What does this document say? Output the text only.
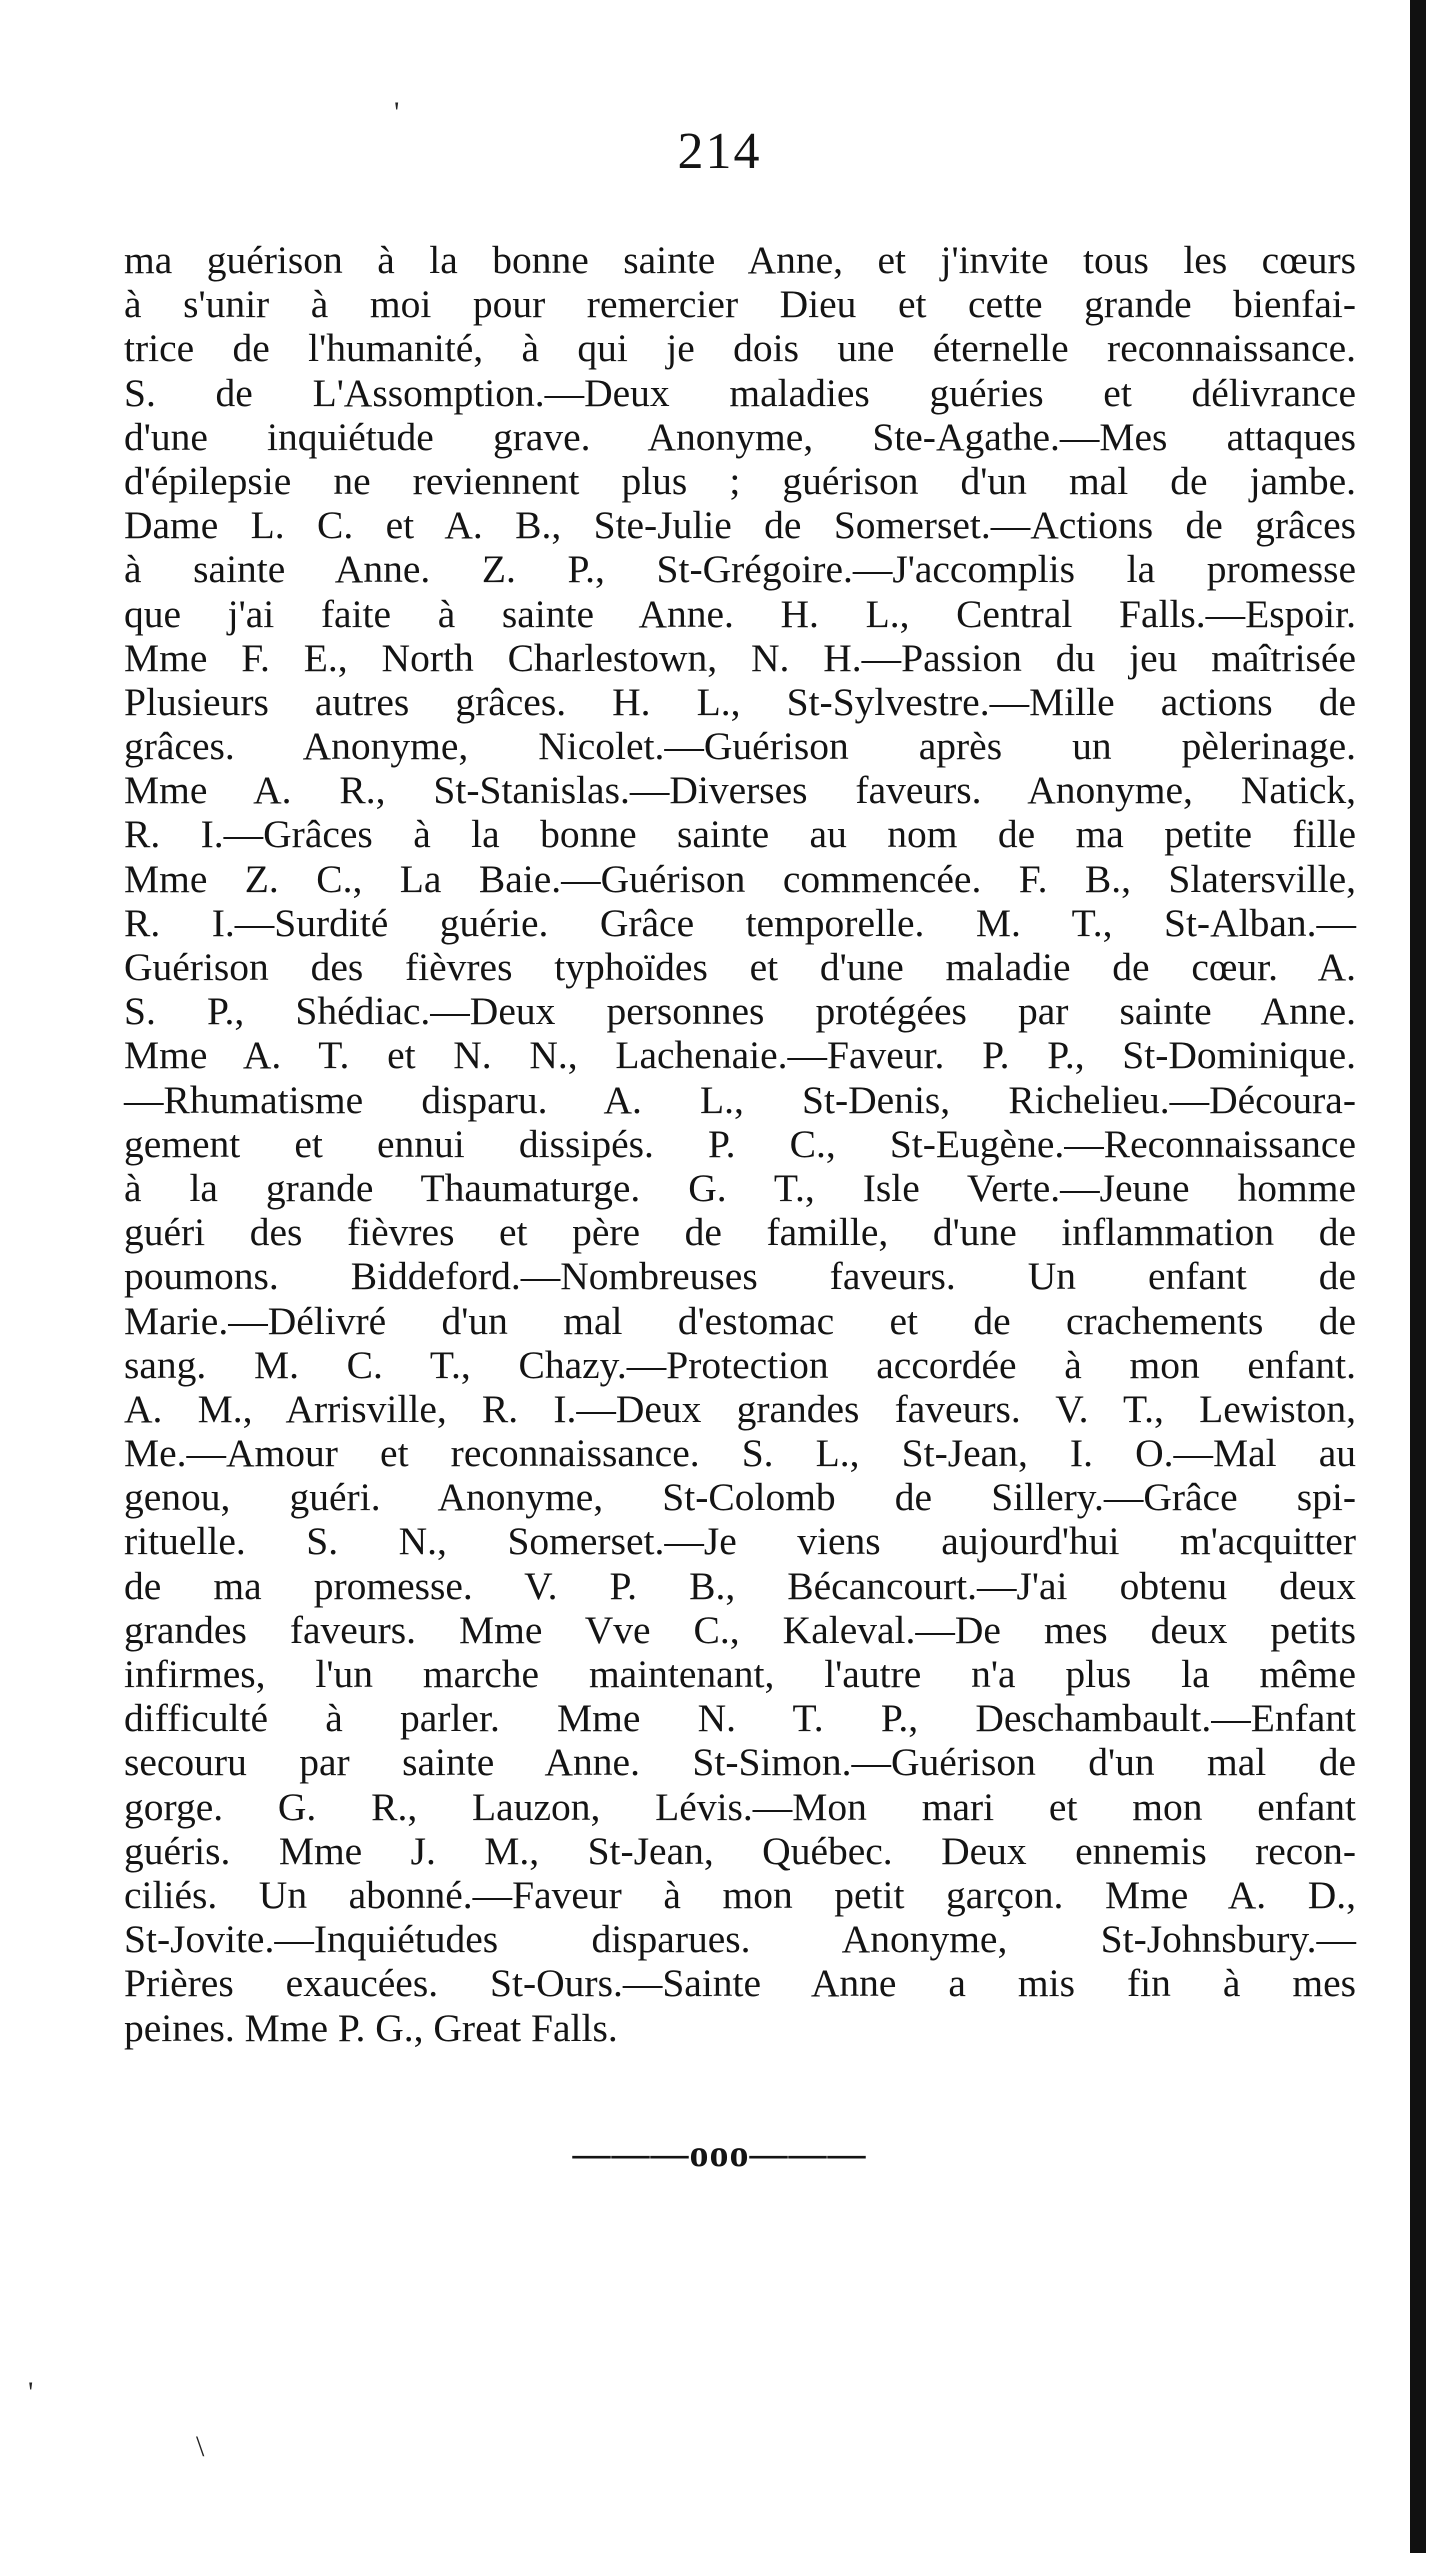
214
ma guérison à la bonne sainte Anne, et j'invite tous les cœurs
à s'unir à moi pour remercier Dieu et cette grande bienfai-
trice de l'humanité, à qui je dois une éternelle reconnaissance.
S. de L'Assomption.—Deux maladies guéries et délivrance
d'une inquiétude grave. Anonyme, Ste-Agathe.—Mes attaques
d'épilepsie ne reviennent plus ; guérison d'un mal de jambe.
Dame L. C. et A. B., Ste-Julie de Somerset.—Actions de grâces
à sainte Anne. Z. P., St-Grégoire.—J'accomplis la promesse
que j'ai faite à sainte Anne. H. L., Central Falls.—Espoir.
Mme F. E., North Charlestown, N. H.—Passion du jeu maîtrisée
Plusieurs autres grâces. H. L., St-Sylvestre.—Mille actions de
grâces. Anonyme, Nicolet.—Guérison après un pèlerinage.
Mme A. R., St-Stanislas.—Diverses faveurs. Anonyme, Natick,
R. I.—Grâces à la bonne sainte au nom de ma petite fille
Mme Z. C., La Baie.—Guérison commencée. F. B., Slatersville,
R. I.—Surdité guérie. Grâce temporelle. M. T., St-Alban.—
Guérison des fièvres typhoïdes et d'une maladie de cœur. A.
S. P., Shédiac.—Deux personnes protégées par sainte Anne.
Mme A. T. et N. N., Lachenaie.—Faveur. P. P., St-Dominique.
—Rhumatisme disparu. A. L., St-Denis, Richelieu.—Découra-
gement et ennui dissipés. P. C., St-Eugène.—Reconnaissance
à la grande Thaumaturge. G. T., Isle Verte.—Jeune homme
guéri des fièvres et père de famille, d'une inflammation de
poumons. Biddeford.—Nombreuses faveurs. Un enfant de
Marie.—Délivré d'un mal d'estomac et de crachements de
sang. M. C. T., Chazy.—Protection accordée à mon enfant.
A. M., Arrisville, R. I.—Deux grandes faveurs. V. T., Lewiston,
Me.—Amour et reconnaissance. S. L., St-Jean, I. O.—Mal au
genou, guéri. Anonyme, St-Colomb de Sillery.—Grâce spi-
rituelle. S. N., Somerset.—Je viens aujourd'hui m'acquitter
de ma promesse. V. P. B., Bécancourt.—J'ai obtenu deux
grandes faveurs. Mme Vve C., Kaleval.—De mes deux petits
infirmes, l'un marche maintenant, l'autre n'a plus la même
difficulté à parler. Mme N. T. P., Deschambault.—Enfant
secouru par sainte Anne. St-Simon.—Guérison d'un mal de
gorge. G. R., Lauzon, Lévis.—Mon mari et mon enfant
guéris. Mme J. M., St-Jean, Québec. Deux ennemis recon-
ciliés. Un abonné.—Faveur à mon petit garçon. Mme A. D.,
St-Jovite.—Inquiétudes disparues. Anonyme, St-Johnsbury.—
Prières exaucées. St-Ours.—Sainte Anne a mis fin à mes
peines. Mme P. G., Great Falls.
———ooo———
'
'
\
